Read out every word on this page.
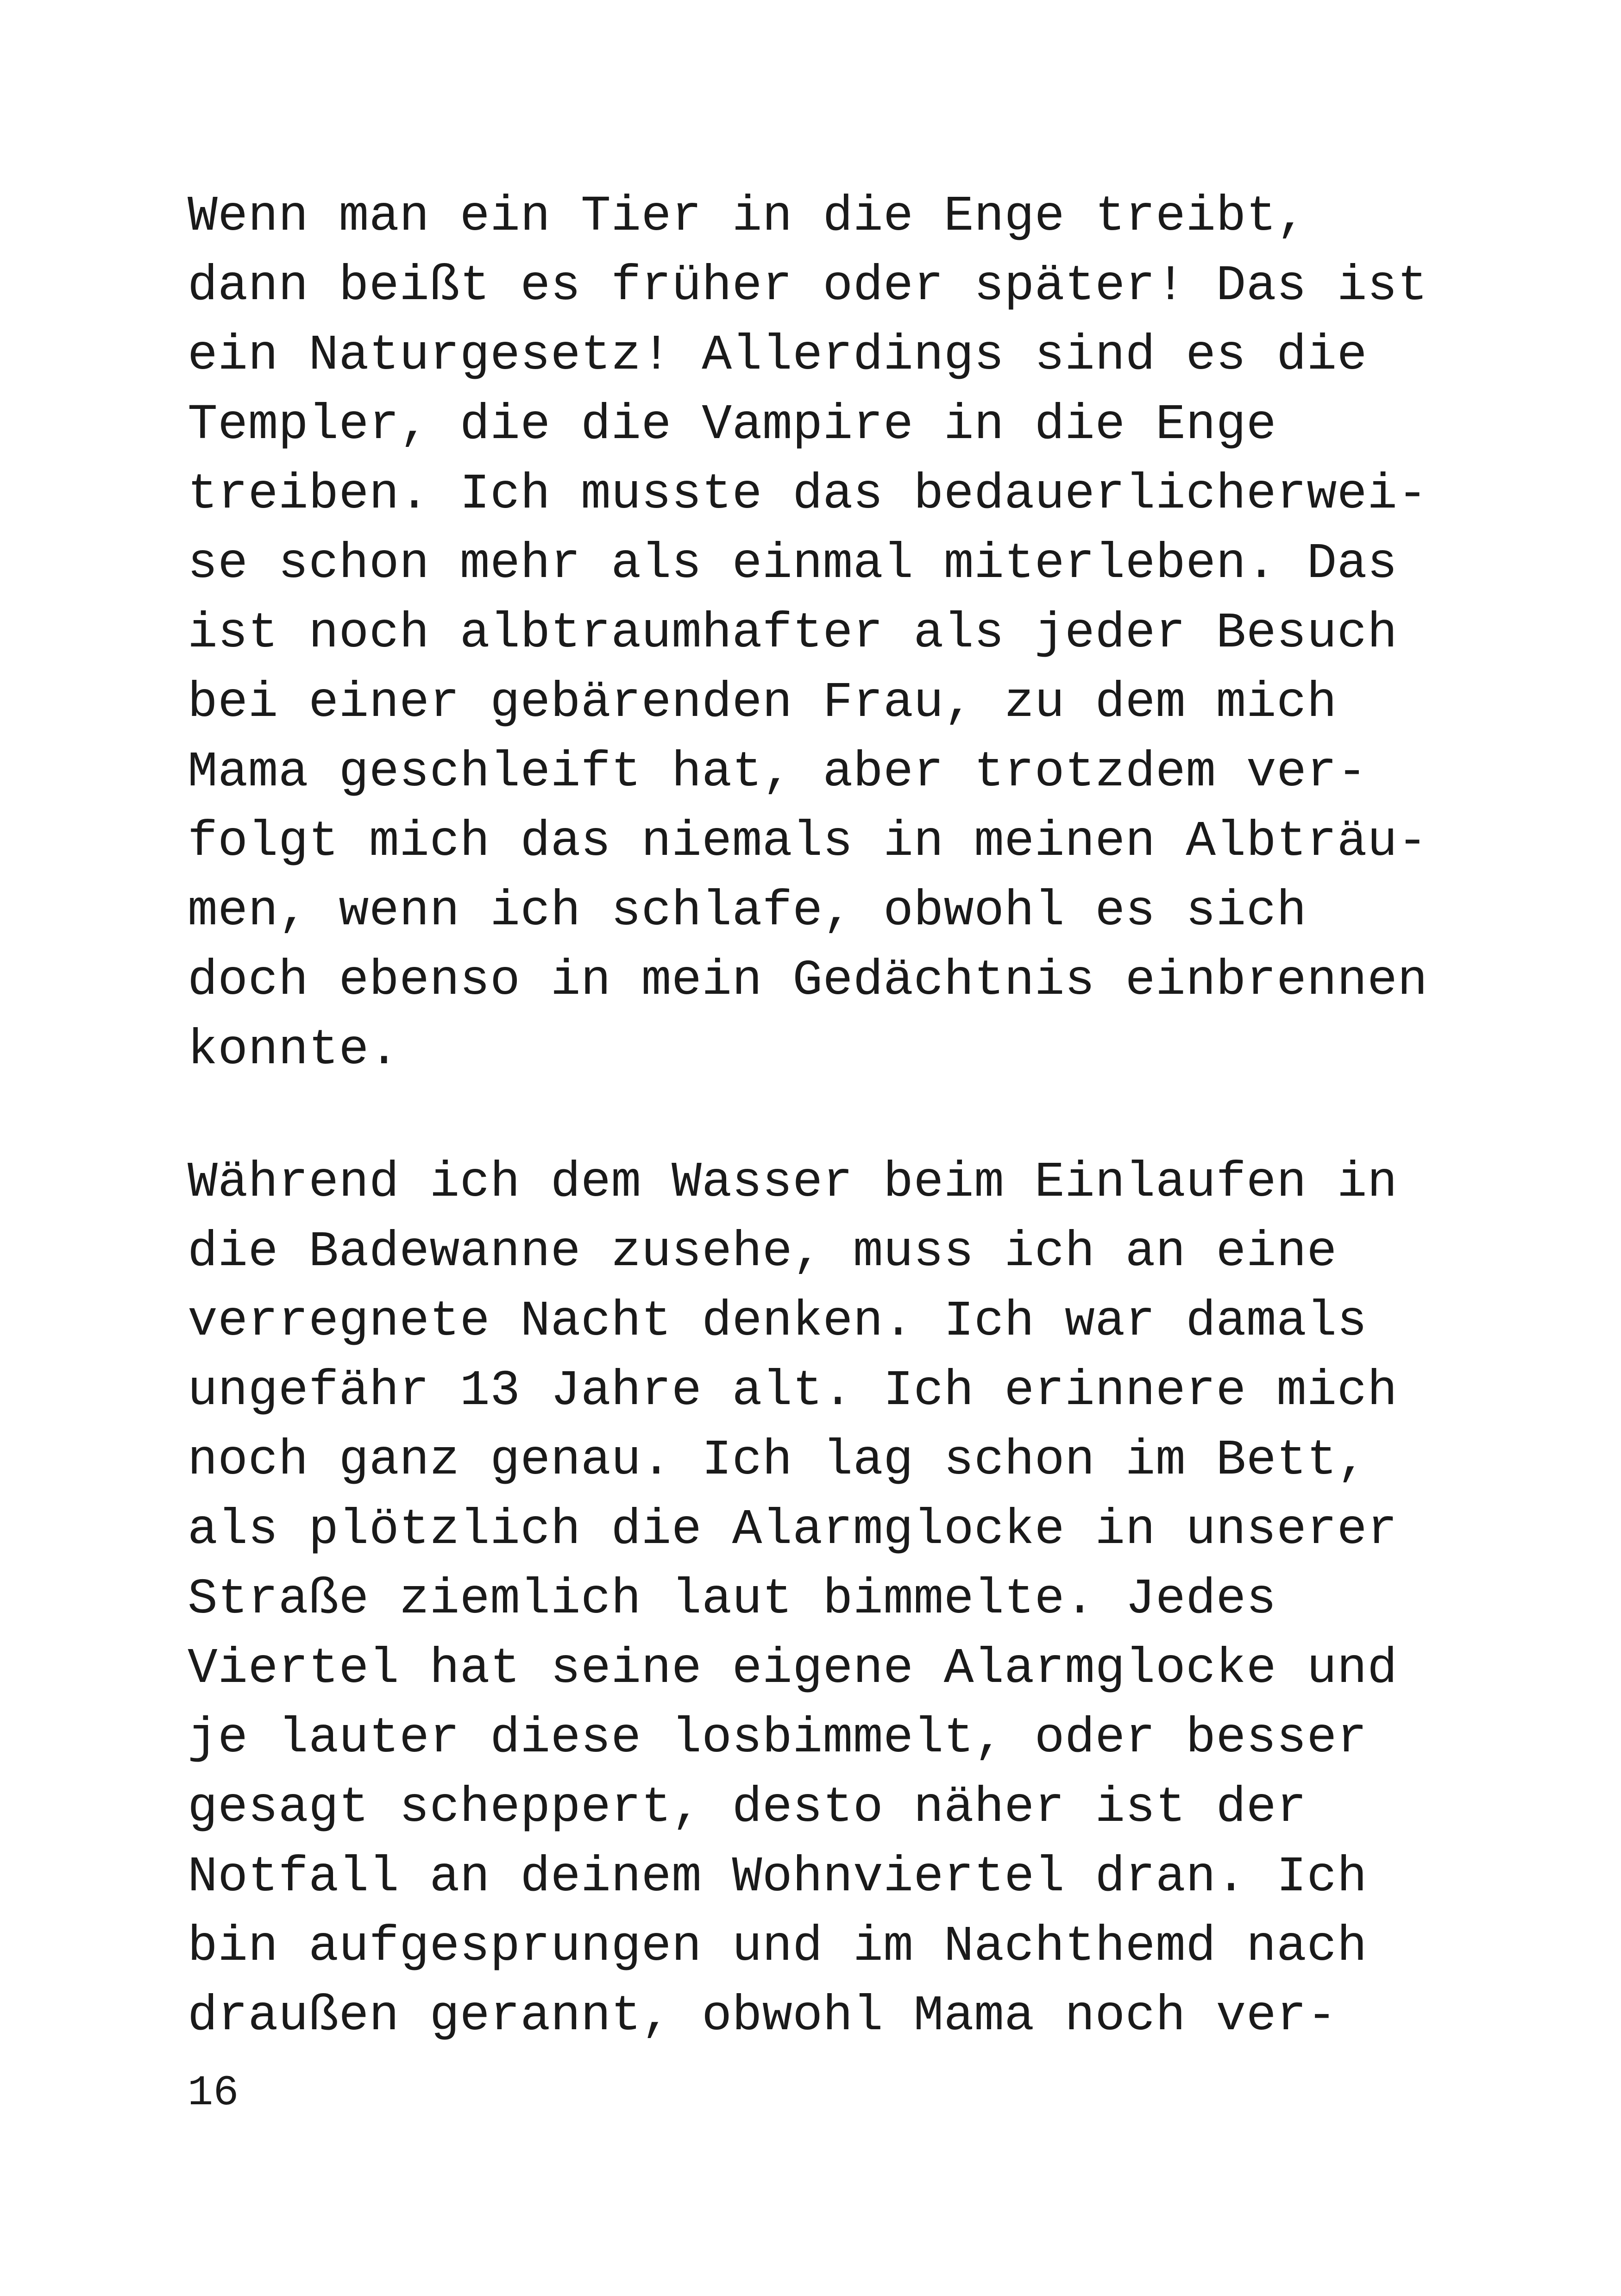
Wenn man ein Tier in die Enge treibt,
dann beißt es früher oder später! Das ist
ein Naturgesetz! Allerdings sind es die
Templer, die die Vampire in die Enge
treiben. Ich musste das bedauerlicherwei-
se schon mehr als einmal miterleben. Das
ist noch albtraumhafter als jeder Besuch
bei einer gebärenden Frau, zu dem mich
Mama geschleift hat, aber trotzdem ver-
folgt mich das niemals in meinen Albträu-
men, wenn ich schlafe, obwohl es sich
doch ebenso in mein Gedächtnis einbrennen
konnte.
Während ich dem Wasser beim Einlaufen in
die Badewanne zusehe, muss ich an eine
verregnete Nacht denken. Ich war damals
ungefähr 13 Jahre alt. Ich erinnere mich
noch ganz genau. Ich lag schon im Bett,
als plötzlich die Alarmglocke in unserer
Straße ziemlich laut bimmelte. Jedes
Viertel hat seine eigene Alarmglocke und
je lauter diese losbimmelt, oder besser
gesagt scheppert, desto näher ist der
Notfall an deinem Wohnviertel dran. Ich
bin aufgesprungen und im Nachthemd nach
draußen gerannt, obwohl Mama noch ver-
16
